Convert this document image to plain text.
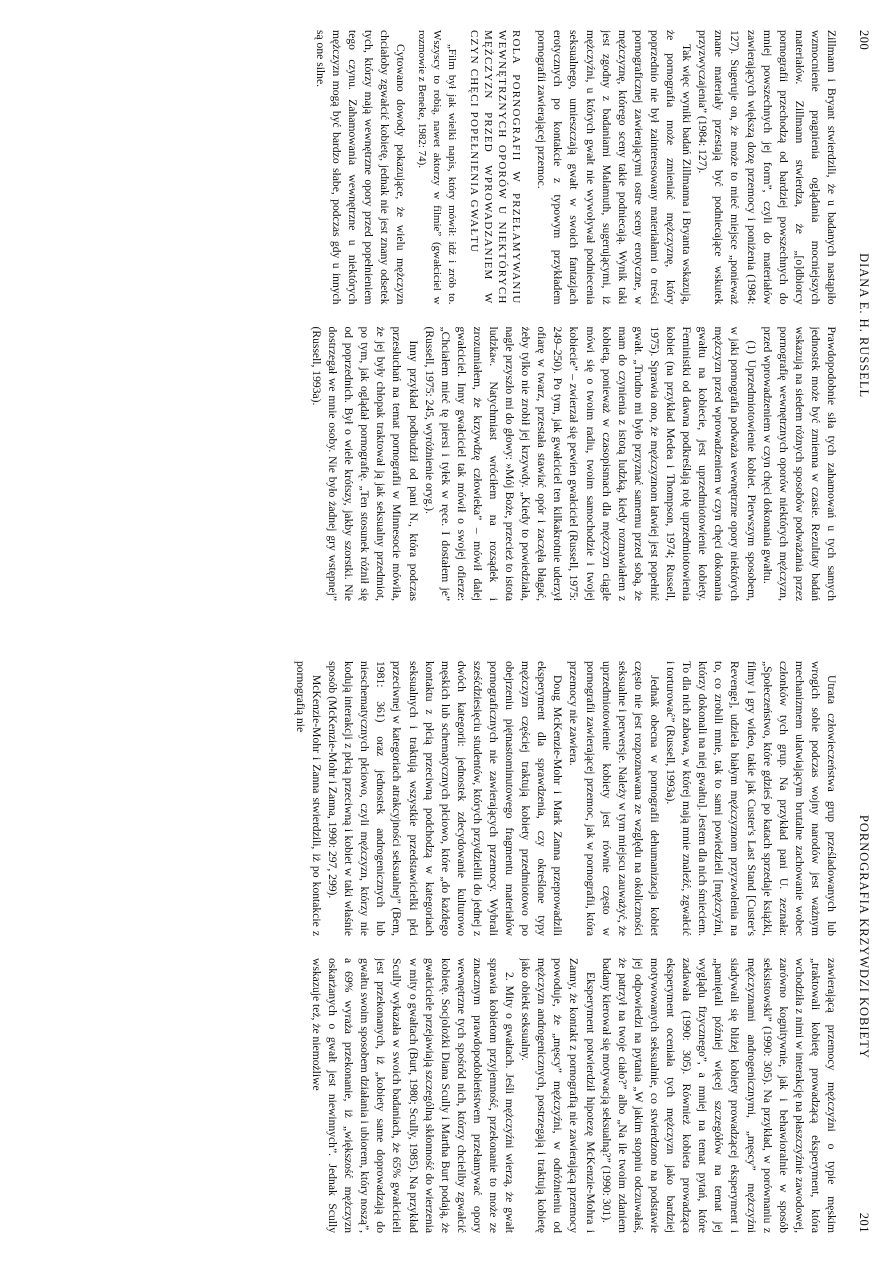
200
DIANA E. H. RUSSELL

Zillmann i Bryant stwierdzili, że u badanych nastąpiło wzmocnienie pragnienia oglądania mocniejszych materiałów. Zillmann stwierdza, że „[o]dbiorcy pornografii przechodzą od bardziej powszechnych do mniej powszechnych jej form”, czyli do materiałów zawierających większą dozę przemocy i poniżenia (1984: 127). Sugeruje on, że może to mieć miejsce „ponieważ znane materiały przestają być podniecające wskutek przyzwyczajenia” (1984: 127).

Tak więc wyniki badań Zillmanna i Bryanta wskazują, że pornografia może zmieniać mężczyznę, który poprzednio nie był zainteresowany materiałami o treści pornograficznej zawierającymi ostre sceny erotyczne, w mężczyznę, którego sceny takie podniecają. Wynik taki jest zgodny z badaniami Malamuth, sugerującymi, iż mężczyźni, u których gwałt nie wywoływał podniecenia seksualnego, umieszczają gwałt w swoich fantazjach erotycznych po kontakcie z typowym przykładem pornografii zawierającej przemoc.

ROLA PORNOGRAFII W PRZEŁAMYWANIU WEWNĘTRZNYCH OPORÓW U NIEKTÓRYCH MĘŻCZYZN PRZED WPROWADZANIEM W CZYN CHĘCI POPEŁNIENIA GWAŁTU

„Film był jak wielki napis, który mówił: idź i zrób to. Wszyscy to robią, nawet aktorzy w filmie” (gwałciciel w rozmowie z Beneke, 1982: 74).

Cytowano dowody pokazujące, że wielu mężczyzn chciałoby zgwałcić kobietę, jednak nie jest znany odsetek tych, którzy mają wewnętrzne opory przed popełnieniem tego czynu. Zahamowania wewnętrzne u niektórych mężczyzn mogą być bardzo słabe, podczas gdy u innych są one silne.

Prawdopodobnie siła tych zahamowań u tych samych jednostek może być zmienna w czasie. Rezultaty badań wskazują na siedem różnych sposobów podważania przez pornografię wewnętrznych oporów niektórych mężczyzn, przed wprowadzeniem w czyn chęci dokonania gwałtu.

(1) Uprzedmiotowienie kobiet. Pierwszym sposobem, w jaki pornografia podważa wewnętrzne opory niektórych mężczyzn przed wprowadzeniem w czyn chęci dokonania gwałtu na kobiecie, jest uprzedmiotowienie kobiety. Feministki od dawna podkreślają rolę uprzedmiotowienia kobiet (na przykład Medea i Thompson, 1974; Russell, 1975). Sprawia ono, że mężczyznom łatwiej jest popełnić gwałt. „Trudno mi było przyznać samemu przed sobą, że mam do czynienia z istotą ludzką, kiedy rozmawiałem z kobietą, ponieważ w czasopismach dla mężczyzn ciągle mówi się o twoim radiu, twoim samochodzie i twojej kobiecie” – zwierzał się pewien gwałciciel (Russell, 1975: 249–250). Po tym, jak gwałciciel ten kilkakrotnie uderzył ofiarę w twarz, przestała stawiać opór i zaczęła błagać, żeby tylko nie zrobił jej krzywdy. „Kiedy to powiedziała, nagle przyszło mi do głowy: »Mój Boże, przecież to istota ludzka«. Natychmiast wróciłem na rozsądek i zrozumiałem, że krzywdzę człowieka” – mówił dalej gwałciciel. Inny gwałciciel tak mówił o swojej ofierze: „Chciałem mieć tę piersi i tyłek w ręce. I dostałem je” (Russell, 1975: 245, wyróżnienie oryg.).

Inny przykład podbudził od pani N., która podczas przesłuchań na temat pornografii w Minnesocie mówiła, że jej były chłopak traktował ją jak seksualny przedmiot, po tym, jak oglądał pornografię. „Ten stosunek różnił się od poprzednich. Był o wiele krótszy, jakby szorstki. Nie dostrzegał we mnie osoby. Nie było żadnej gry wstępnej” (Russell, 1993a).

PORNOGRAFIA KRZYWDZI KOBIETY
201

Utrata człowieczeństwa grup prześladowanych lub wrogich sobie podczas wojny narodów jest ważnym mechanizmem ułatwiającym brutalne zachowanie wobec członków tych grup. Na przykład pani U. zeznała: „Społeczeństwo, które gdzieś po katach sprzedaje książki, filmy i gry wideo, takie jak Custer's Last Stand [Custer's Revenge], udziela białym mężczyznom przyzwolenia na to, co zrobili mnie, tak to sami powiedzieli [mężczyźni, którzy dokonali na niej gwałtu]. Jestem dla nich śmieciem. To dla nich zabawa, w której mają mnie znaleźć, zgwałcić i torturować” (Russell, 1993a).

Jednak obecna w pornografii dehumanizacja kobiet często nie jest rozpoznawana ze względu na okoliczności seksualne i perwersje. Należy w tym miejscu zauważyć, że uprzedmiotowienie kobiety jest równie często w pornografii zawierającej przemoc, jak w pornografii, która przemocy nie zawiera.

Doug McKenzie-Mohr i Mark Zanna przeprowadzili eksperyment dla sprawdzenia, czy określone typy mężczyzn częściej traktują kobiety przedmiotowo po obejrzeniu piętnastominutowego fragmentu materiałów pornograficznych nie zawierających przemocy. Wybrali sześćdziesięciu studentów, których przydzielili do jednej z dwóch kategorii: jednostek zdecydowanie kulturowo męskich lub schematycznych płciowo, które „do każdego kontaktu z płcią przeciwną podchodzą w kategoriach seksualnych i traktują wszystkie przedstawicielki płci przeciwnej w kategoriach atrakcyjności seksualnej” (Bem, 1981: 361) oraz jednostek androgenicznych lub nieschematycznych płciowo, czyli mężczyzn, którzy nie kodują interakcji z płcią przeciwną i kobiet w taki właśnie sposób (McKenzie-Mohr i Zanna, 1990: 297, 299).

McKenzie-Mohr i Zanna stwierdzili, iż po kontakcie z pornografią nie

zawierającą przemocy mężczyźni o typie męskim „traktowali kobietę prowadzącą eksperyment, która wchodziła z nimi w interakcję na płaszczyźnie zawodowej, zarówno kognitywnie, jak i behawioralnie w sposób seksistowski” (1990: 305). Na przykład, w porównaniu z mężczyznami androgenicznymi, „męscy” mężczyźni siadywali się bliżej kobiety prowadzącej eksperyment i „pamiętali później więcej szczegółów na temat jej wyglądu fizycznego”, a mniej na temat pytań, które zadawała (1990: 305). Również kobieta prowadząca eksperyment oceniała tych mężczyzn jako bardziej motywowanych seksualnie, co stwierdzono na podstawie jej odpowiedzi na pytania „W jakim stopniu odczuwałaś, że patrzył na twoje ciało?” albo „Na ile twoim zdaniem badany kierował się motywacją seksualną?” (1990: 301).

Eksperyment potwierdził hipotezę McKenzie-Mohra i Zanny, że kontakt z pornografią nie zawierającą przemocy powoduje, że „męscy” mężczyźni, w odróżnieniu od mężczyzn androgenicznych, postrzegają i traktują kobietę jako obiekt seksualny.

2. Mity o gwałtach. Jeśli mężczyźni wierzą, że gwałt sprawia kobietom przyjemność, przekonanie to może ze znacznym prawdopodobieństwem przełamywać opory wewnętrzne tych spośród nich, którzy chcieliby zgwałcić kobietę. Socjolożki Diana Scully i Martha Burt podają, że gwałciciele przejawiają szczególną skłonność do wierzenia w mity o gwałtach (Burt, 1980; Scully, 1985). Na przykład Scully wykazała w swoich badaniach, że 65% gwałcicieli jest przekonanych, iż „kobiety same doprowadzają do gwałtu swoim sposobem działania i ubiorem, który noszą”, a 69% wyraża przekonanie, iż „większość mężczyzn oskarżanych o gwałt jest niewinnych”. Jednak Scully wskazuje też, że niemożliwe
